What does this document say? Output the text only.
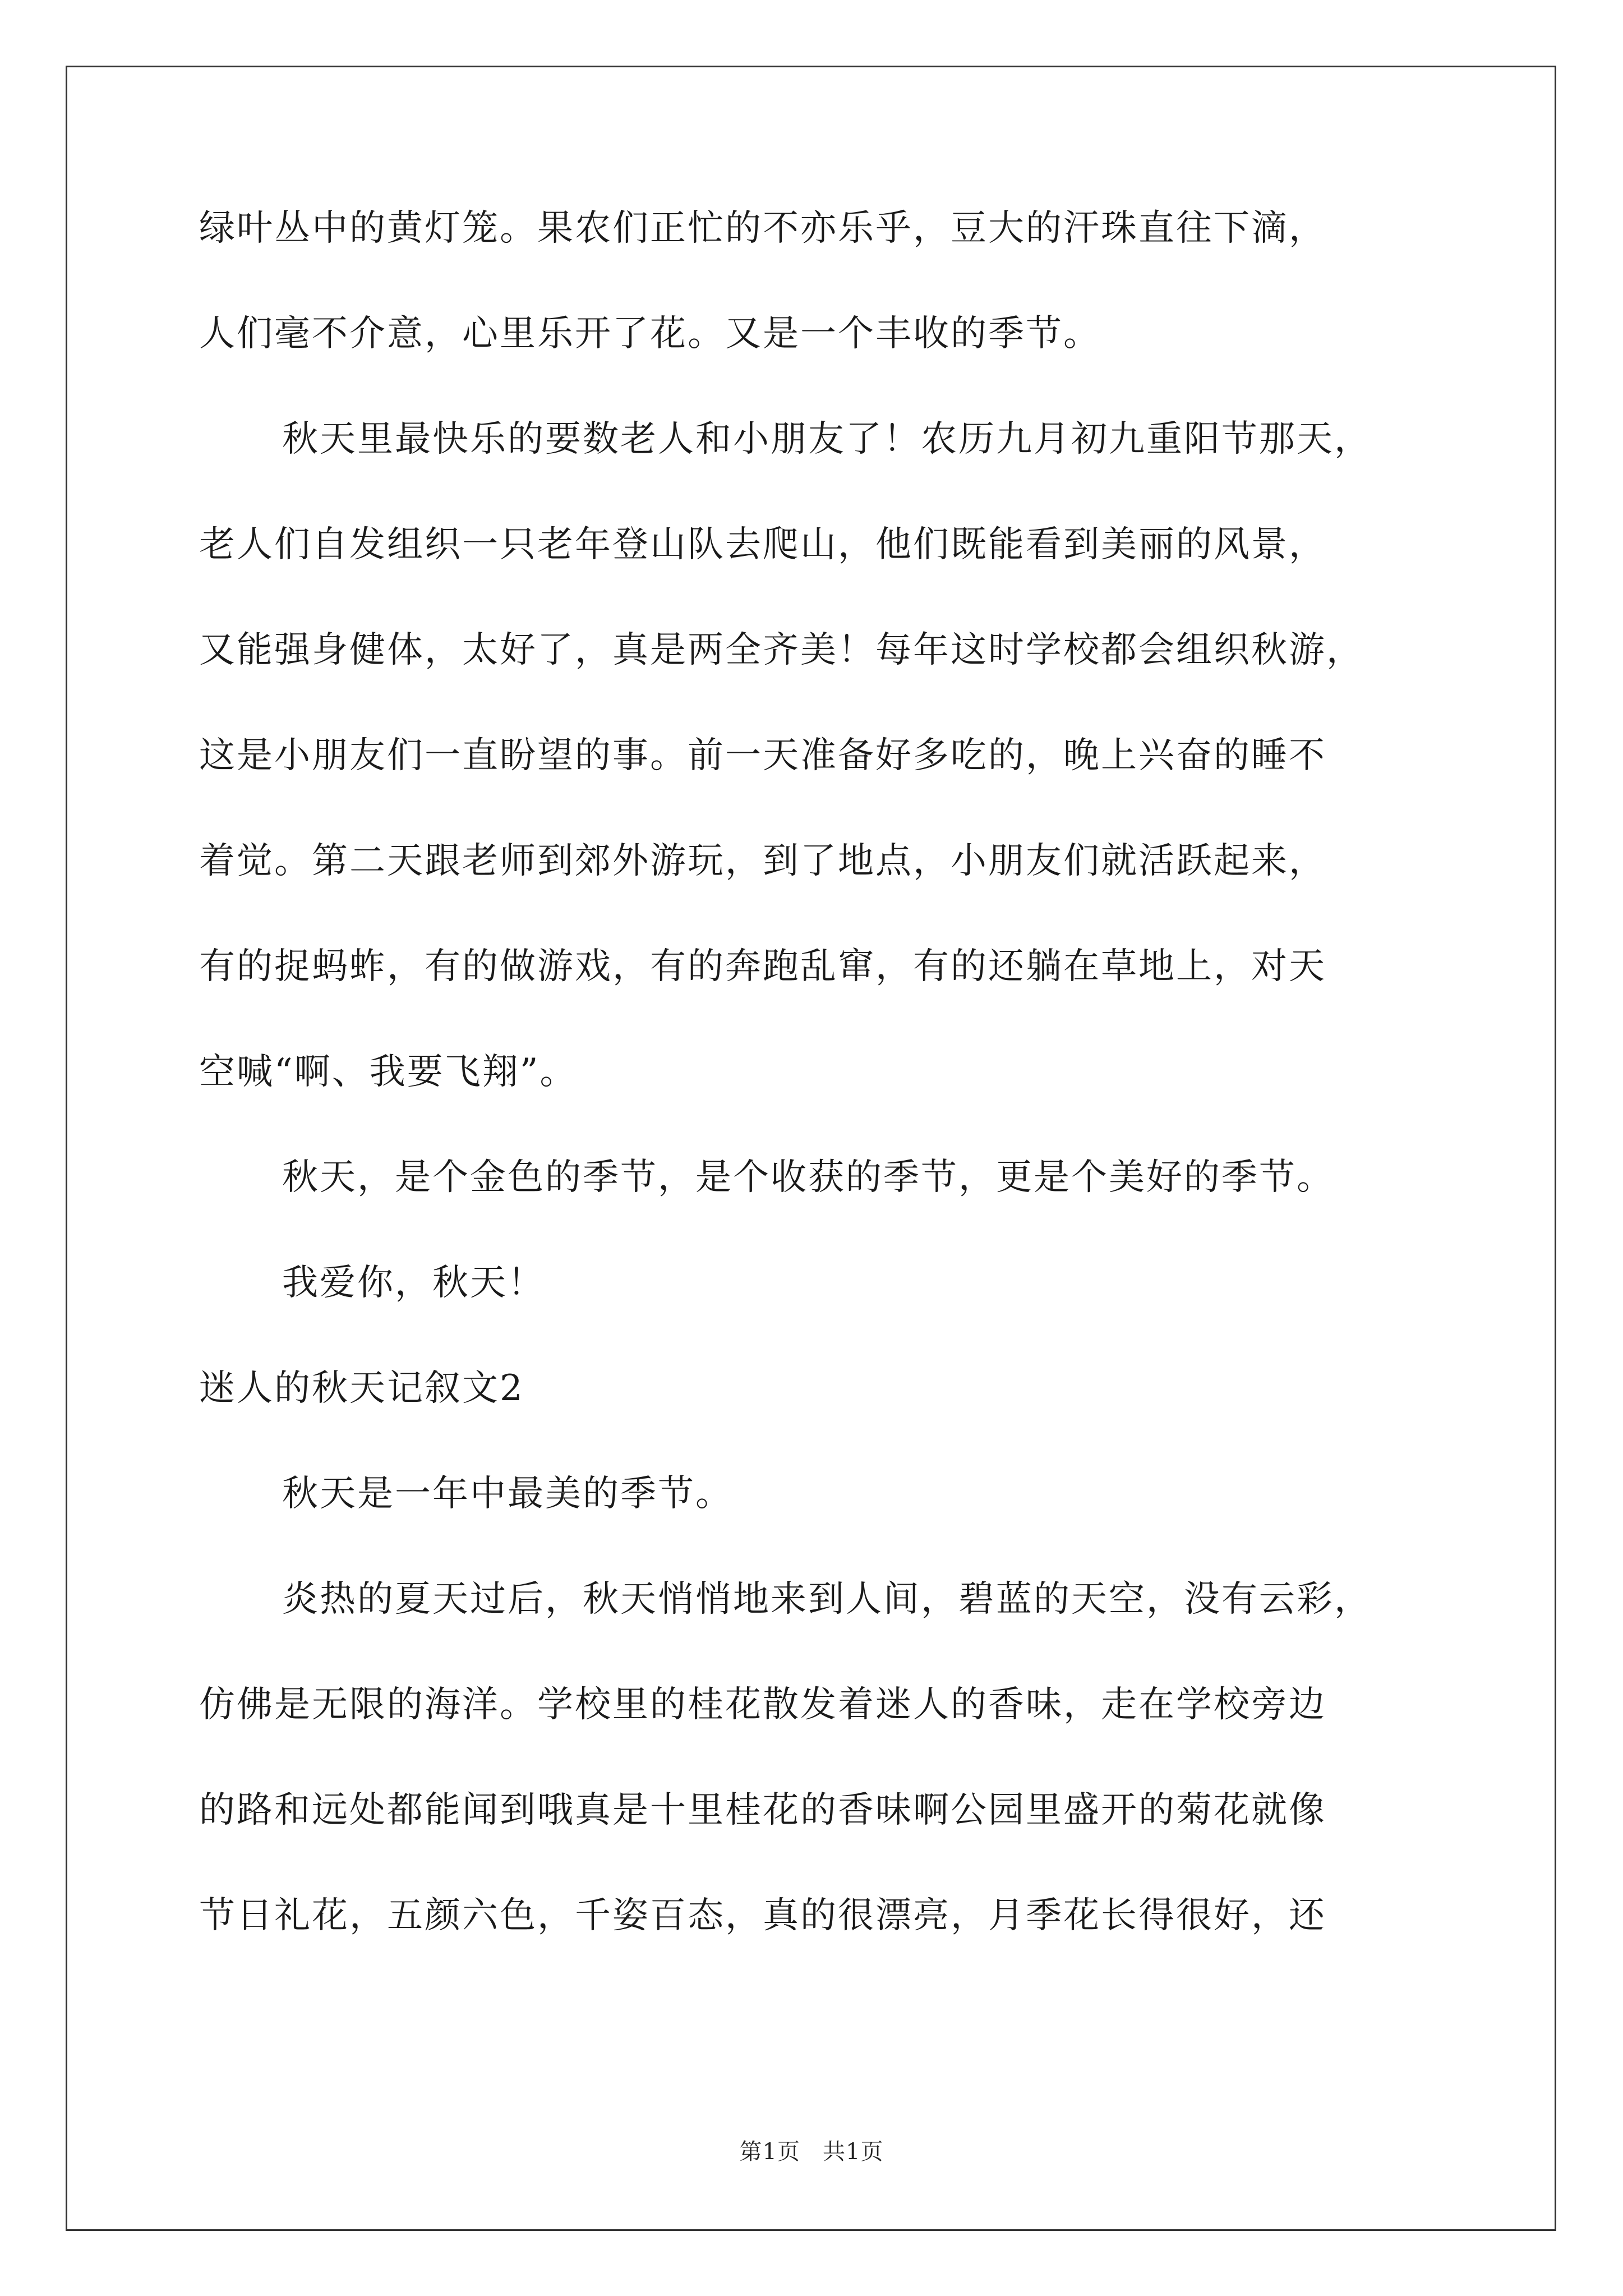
绿叶丛中的黄灯笼。果农们正忙的不亦乐乎，豆大的汗珠直往下滴，
人们毫不介意，心里乐开了花。又是一个丰收的季节。
秋天里最快乐的要数老人和小朋友了！农历九月初九重阳节那天，
老人们自发组织一只老年登山队去爬山，他们既能看到美丽的风景，
又能强身健体，太好了，真是两全齐美！每年这时学校都会组织秋游，
这是小朋友们一直盼望的事。前一天准备好多吃的，晚上兴奋的睡不
着觉。第二天跟老师到郊外游玩，到了地点，小朋友们就活跃起来，
有的捉蚂蚱，有的做游戏，有的奔跑乱窜，有的还躺在草地上，对天
空喊“啊、我要飞翔”。
秋天，是个金色的季节，是个收获的季节，更是个美好的季节。
我爱你，秋天！
迷人的秋天记叙文2
秋天是一年中最美的季节。
炎热的夏天过后，秋天悄悄地来到人间，碧蓝的天空，没有云彩，
仿佛是无限的海洋。学校里的桂花散发着迷人的香味，走在学校旁边
的路和远处都能闻到哦真是十里桂花的香味啊公园里盛开的菊花就像
节日礼花，五颜六色，千姿百态，真的很漂亮，月季花长得很好，还
第1页 共1页
